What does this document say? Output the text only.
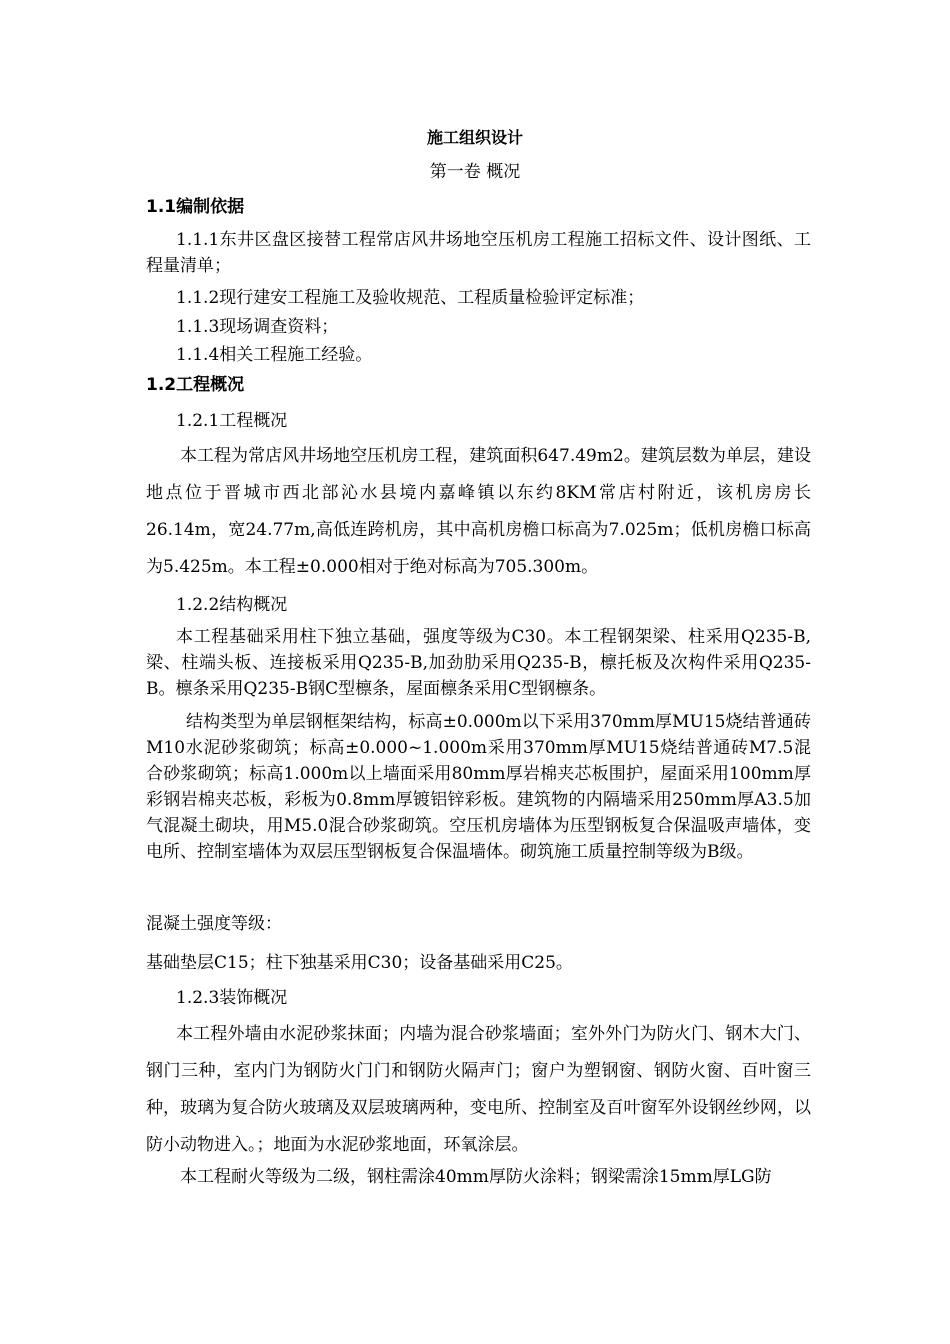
施工组织设计
第一卷 概况
1.1编制依据
1.1.1东井区盘区接替工程常店风井场地空压机房工程施工招标文件、设计图纸、工程量清单；
1.1.2现行建安工程施工及验收规范、工程质量检验评定标准；
1.1.3现场调查资料；
1.1.4相关工程施工经验。
1.2工程概况
1.2.1工程概况
本工程为常店风井场地空压机房工程，建筑面积647.49m2。建筑层数为单层，建设地点位于晋城市西北部沁水县境内嘉峰镇以东约8KM常店村附近，该机房房长26.14m，宽24.77m,高低连跨机房，其中高机房檐口标高为7.025m；低机房檐口标高为5.425m。本工程±0.000相对于绝对标高为705.300m。
1.2.2结构概况
本工程基础采用柱下独立基础，强度等级为C30。本工程钢架梁、柱采用Q235-B,梁、柱端头板、连接板采用Q235-B,加劲肋采用Q235-B，檩托板及次构件采用Q235-B。檩条采用Q235-B钢C型檩条，屋面檩条采用C型钢檩条。
结构类型为单层钢框架结构，标高±0.000m以下采用370mm厚MU15烧结普通砖M10水泥砂浆砌筑；标高±0.000~1.000m采用370mm厚MU15烧结普通砖M7.5混合砂浆砌筑；标高1.000m以上墙面采用80mm厚岩棉夹芯板围护，屋面采用100mm厚彩钢岩棉夹芯板，彩板为0.8mm厚镀铝锌彩板。建筑物的内隔墙采用250mm厚A3.5加气混凝土砌块，用M5.0混合砂浆砌筑。空压机房墙体为压型钢板复合保温吸声墙体，变电所、控制室墙体为双层压型钢板复合保温墙体。砌筑施工质量控制等级为B级。
混凝土强度等级：
基础垫层C15；柱下独基采用C30；设备基础采用C25。
1.2.3装饰概况
本工程外墙由水泥砂浆抹面；内墙为混合砂浆墙面；室外外门为防火门、钢木大门、钢门三种，室内门为钢防火门门和钢防火隔声门；窗户为塑钢窗、钢防火窗、百叶窗三种，玻璃为复合防火玻璃及双层玻璃两种，变电所、控制室及百叶窗军外设钢丝纱网，以防小动物进入。；地面为水泥砂浆地面，环氧涂层。
本工程耐火等级为二级，钢柱需涂40mm厚防火涂料；钢梁需涂15mm厚LG防
